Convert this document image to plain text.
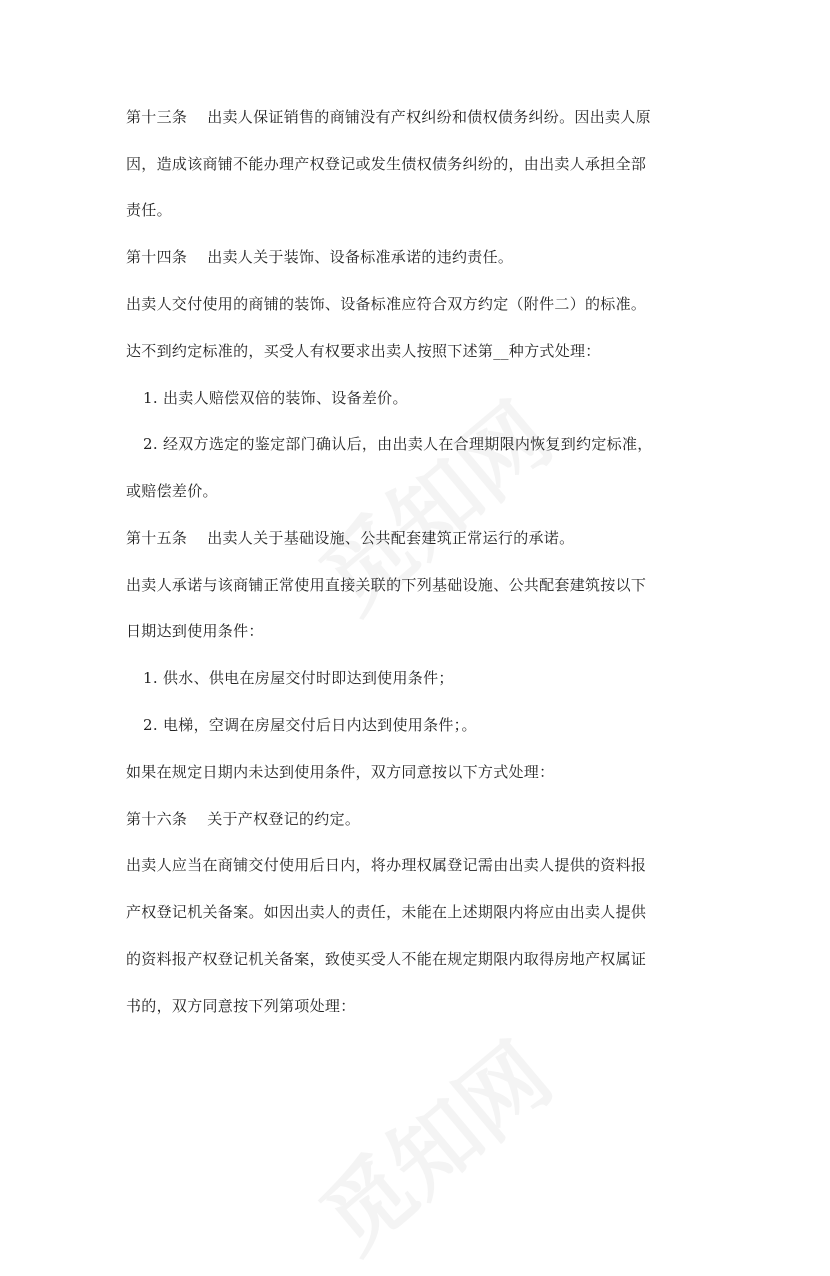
第十三条 出卖人保证销售的商铺没有产权纠纷和债权债务纠纷。因出卖人原
因，造成该商铺不能办理产权登记或发生债权债务纠纷的，由出卖人承担全部
责任。
第十四条 出卖人关于装饰、设备标准承诺的违约责任。
出卖人交付使用的商铺的装饰、设备标准应符合双方约定（附件二）的标准。
达不到约定标准的，买受人有权要求出卖人按照下述第__种方式处理：
1. 出卖人赔偿双倍的装饰、设备差价。
2. 经双方选定的鉴定部门确认后，由出卖人在合理期限内恢复到约定标准，
或赔偿差价。
第十五条 出卖人关于基础设施、公共配套建筑正常运行的承诺。
出卖人承诺与该商铺正常使用直接关联的下列基础设施、公共配套建筑按以下
日期达到使用条件：
1. 供水、供电在房屋交付时即达到使用条件；
2. 电梯，空调在房屋交付后日内达到使用条件；。
如果在规定日期内未达到使用条件，双方同意按以下方式处理：
第十六条 关于产权登记的约定。
出卖人应当在商铺交付使用后日内，将办理权属登记需由出卖人提供的资料报
产权登记机关备案。如因出卖人的责任，未能在上述期限内将应由出卖人提供
的资料报产权登记机关备案，致使买受人不能在规定期限内取得房地产权属证
书的，双方同意按下列第项处理：
